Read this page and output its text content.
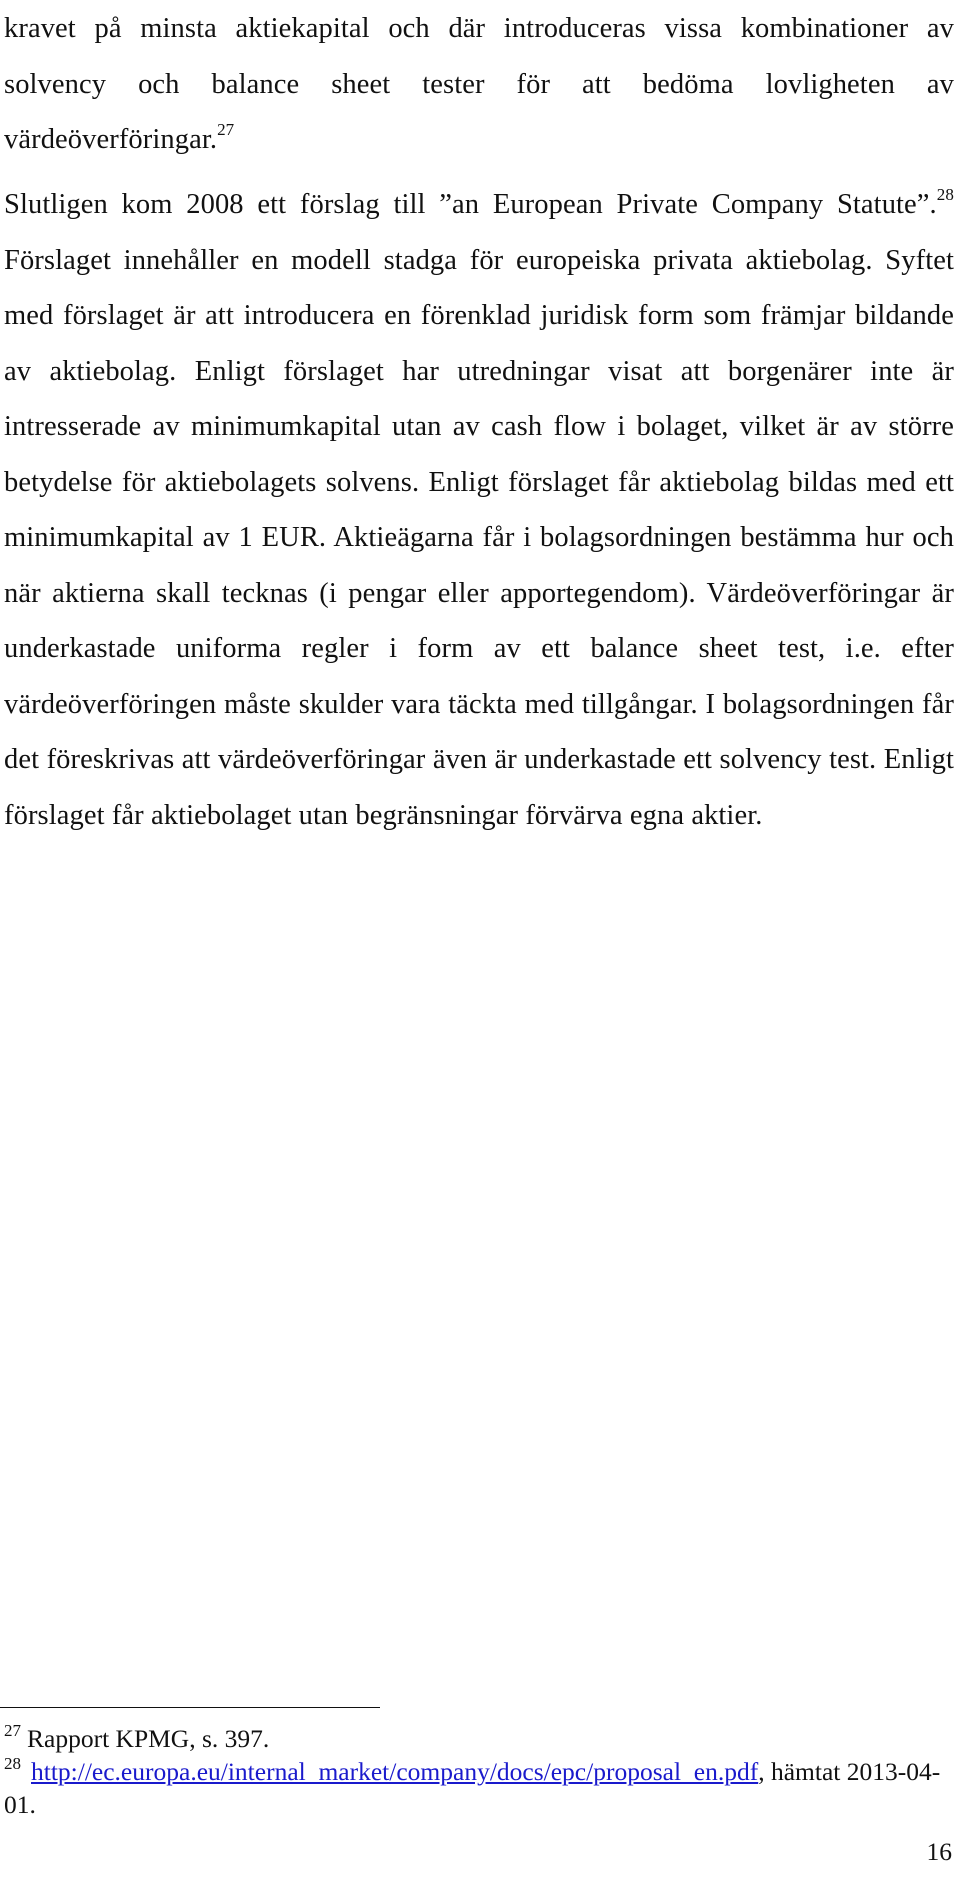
kravet på minsta aktiekapital och där introduceras vissa kombinationer av solvency och balance sheet tester för att bedöma lovligheten av värdeöverföringar.$^{27}$

Slutligen kom 2008 ett förslag till ”an European Private Company Statute”.$^{28}$ Förslaget innehåller en modell stadga för europeiska privata aktiebolag. Syftet med förslaget är att introducera en förenklad juridisk form som främjar bildande av aktiebolag. Enligt förslaget har utredningar visat att borgenärer inte är intresserade av minimumkapital utan av cash flow i bolaget, vilket är av större betydelse för aktiebolagets solvens. Enligt förslaget får aktiebolag bildas med ett minimumkapital av 1 EUR. Aktieägarna får i bolagsordningen bestämma hur och när aktierna skall tecknas (i pengar eller apportegendom). Värdeöverföringar är underkastade uniforma regler i form av ett balance sheet test, i.e. efter värdeöverföringen måste skulder vara täckta med tillgångar. I bolagsordningen får det föreskrivas att värdeöverföringar även är underkastade ett solvency test. Enligt förslaget får aktiebolaget utan begränsningar förvärva egna aktier.

$^{27}$ Rapport KPMG, s. 397.

$^{28}$ http://ec.europa.eu/internal_market/company/docs/epc/proposal_en.pdf, hämtat 2013-04-01.

16
